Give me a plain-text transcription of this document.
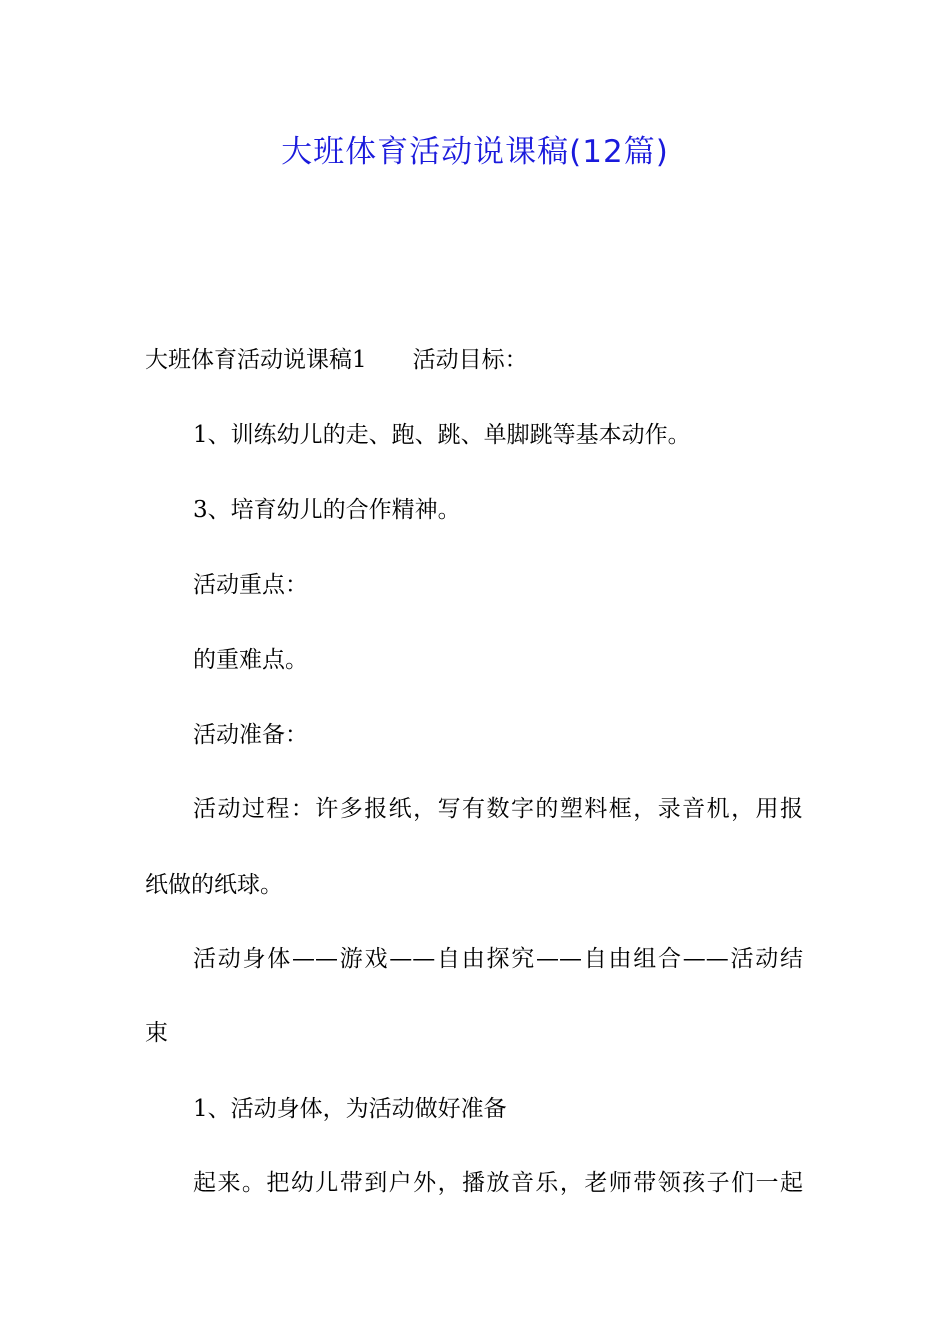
大班体育活动说课稿(12篇)
大班体育活动说课稿1 活动目标：
1、训练幼儿的走、跑、跳、单脚跳等基本动作。
3、培育幼儿的合作精神。
活动重点：
的重难点。
活动准备：
活动过程：许多报纸，写有数字的塑料框，录音机，用报
纸做的纸球。
活动身体——游戏——自由探究——自由组合——活动结
束
1、活动身体，为活动做好准备
起来。把幼儿带到户外，播放音乐，老师带领孩子们一起
